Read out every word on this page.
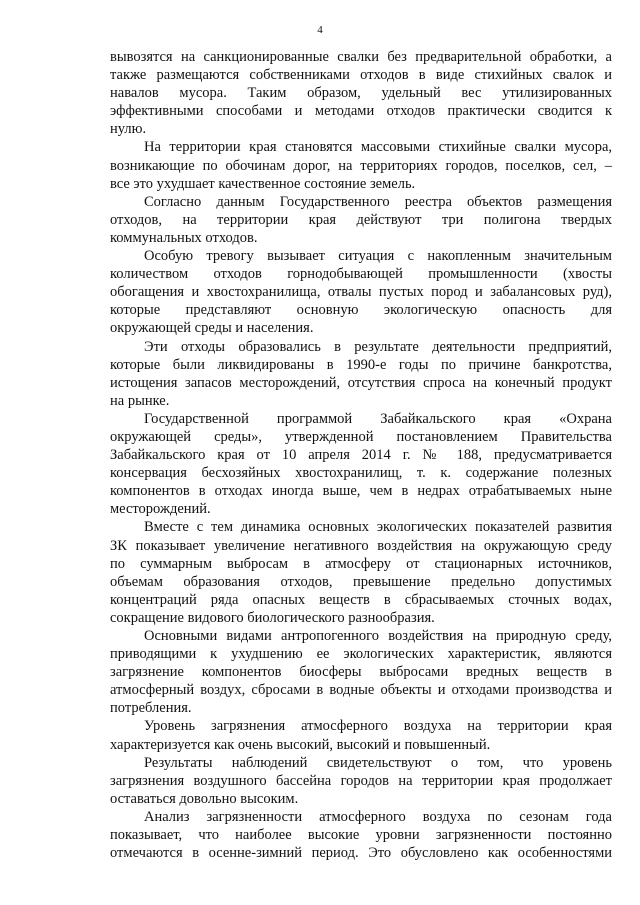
4
вывозятся на санкционированные свалки без предварительной обработки, а
также размещаются собственниками отходов в виде стихийных свалок и
навалов мусора. Таким образом, удельный вес утилизированных
эффективными способами и методами отходов практически сводится к
нулю.
На территории края становятся массовыми стихийные свалки мусора,
возникающие по обочинам дорог, на территориях городов, поселков, сел, –
все это ухудшает качественное состояние земель.
Согласно данным Государственного реестра объектов размещения
отходов, на территории края действуют три полигона твердых
коммунальных отходов.
Особую тревогу вызывает ситуация с накопленным значительным
количеством отходов горнодобывающей промышленности (хвосты
обогащения и хвостохранилища, отвалы пустых пород и забалансовых руд),
которые представляют основную экологическую опасность для
окружающей среды и населения.
Эти отходы образовались в результате деятельности предприятий,
которые были ликвидированы в 1990-е годы по причине банкротства,
истощения запасов месторождений, отсутствия спроса на конечный продукт
на рынке.
Государственной программой Забайкальского края «Охрана
окружающей среды», утвержденной постановлением Правительства
Забайкальского края от 10 апреля 2014 г. № 188, предусматривается
консервация бесхозяйных хвостохранилищ, т. к. содержание полезных
компонентов в отходах иногда выше, чем в недрах отрабатываемых ныне
месторождений.
Вместе с тем динамика основных экологических показателей развития
ЗК показывает увеличение негативного воздействия на окружающую среду
по суммарным выбросам в атмосферу от стационарных источников,
объемам образования отходов, превышение предельно допустимых
концентраций ряда опасных веществ в сбрасываемых сточных водах,
сокращение видового биологического разнообразия.
Основными видами антропогенного воздействия на природную среду,
приводящими к ухудшению ее экологических характеристик, являются
загрязнение компонентов биосферы выбросами вредных веществ в
атмосферный воздух, сбросами в водные объекты и отходами производства и
потребления.
Уровень загрязнения атмосферного воздуха на территории края
характеризуется как очень высокий, высокий и повышенный.
Результаты наблюдений свидетельствуют о том, что уровень
загрязнения воздушного бассейна городов на территории края продолжает
оставаться довольно высоким.
Анализ загрязненности атмосферного воздуха по сезонам года
показывает, что наиболее высокие уровни загрязненности постоянно
отмечаются в осенне-зимний период. Это обусловлено как особенностями
